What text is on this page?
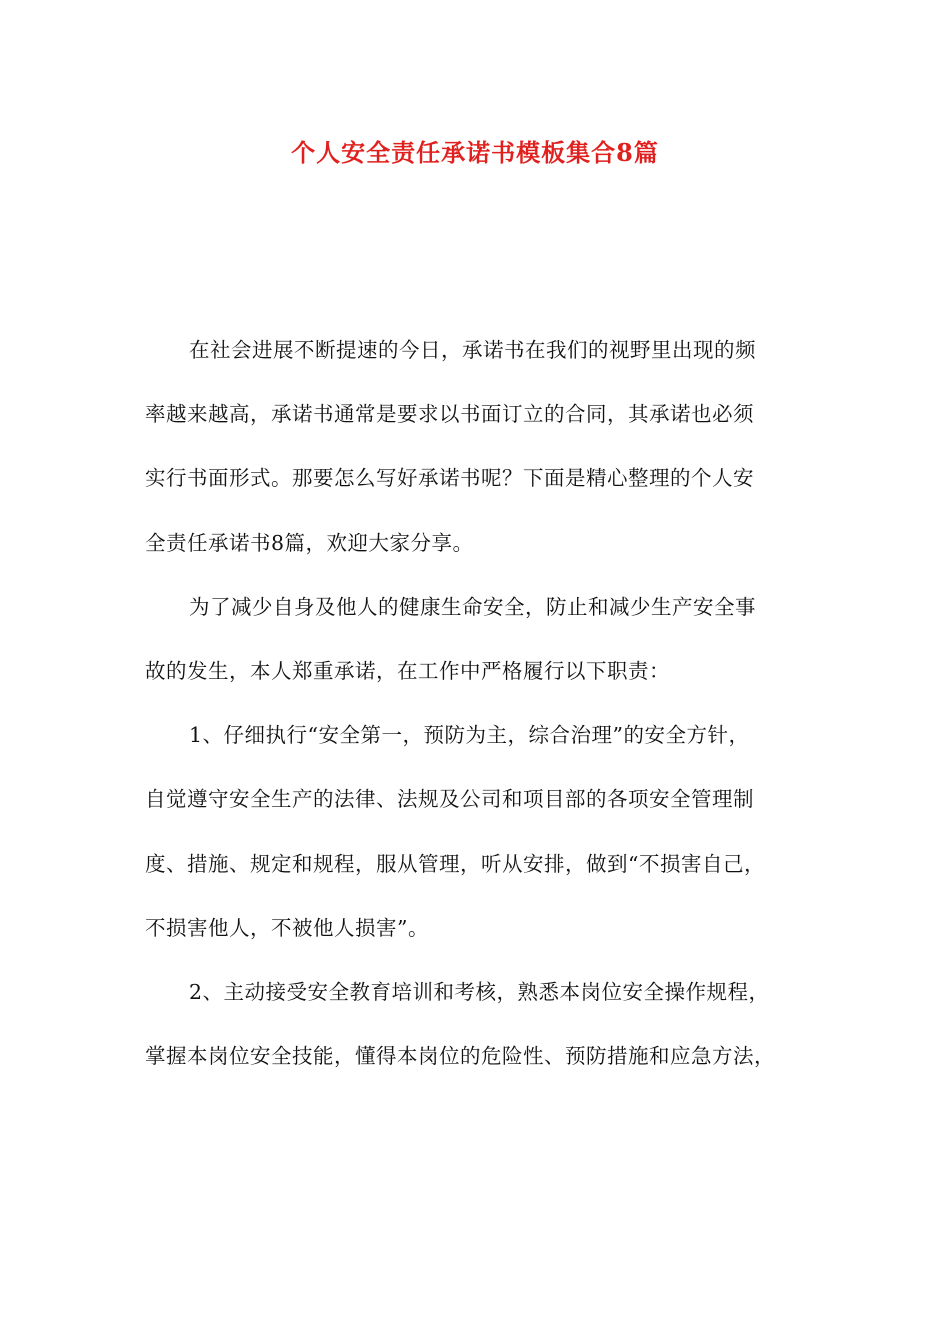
个人安全责任承诺书模板集合8篇
在社会进展不断提速的今日，承诺书在我们的视野里出现的频
率越来越高，承诺书通常是要求以书面订立的合同，其承诺也必须
实行书面形式。那要怎么写好承诺书呢？下面是精心整理的个人安
全责任承诺书8篇，欢迎大家分享。
为了减少自身及他人的健康生命安全，防止和减少生产安全事
故的发生，本人郑重承诺，在工作中严格履行以下职责：
1、仔细执行“安全第一，预防为主，综合治理”的安全方针，
自觉遵守安全生产的法律、法规及公司和项目部的各项安全管理制
度、措施、规定和规程，服从管理，听从安排，做到“不损害自己，
不损害他人，不被他人损害”。
2、主动接受安全教育培训和考核，熟悉本岗位安全操作规程，
掌握本岗位安全技能，懂得本岗位的危险性、预防措施和应急方法，
